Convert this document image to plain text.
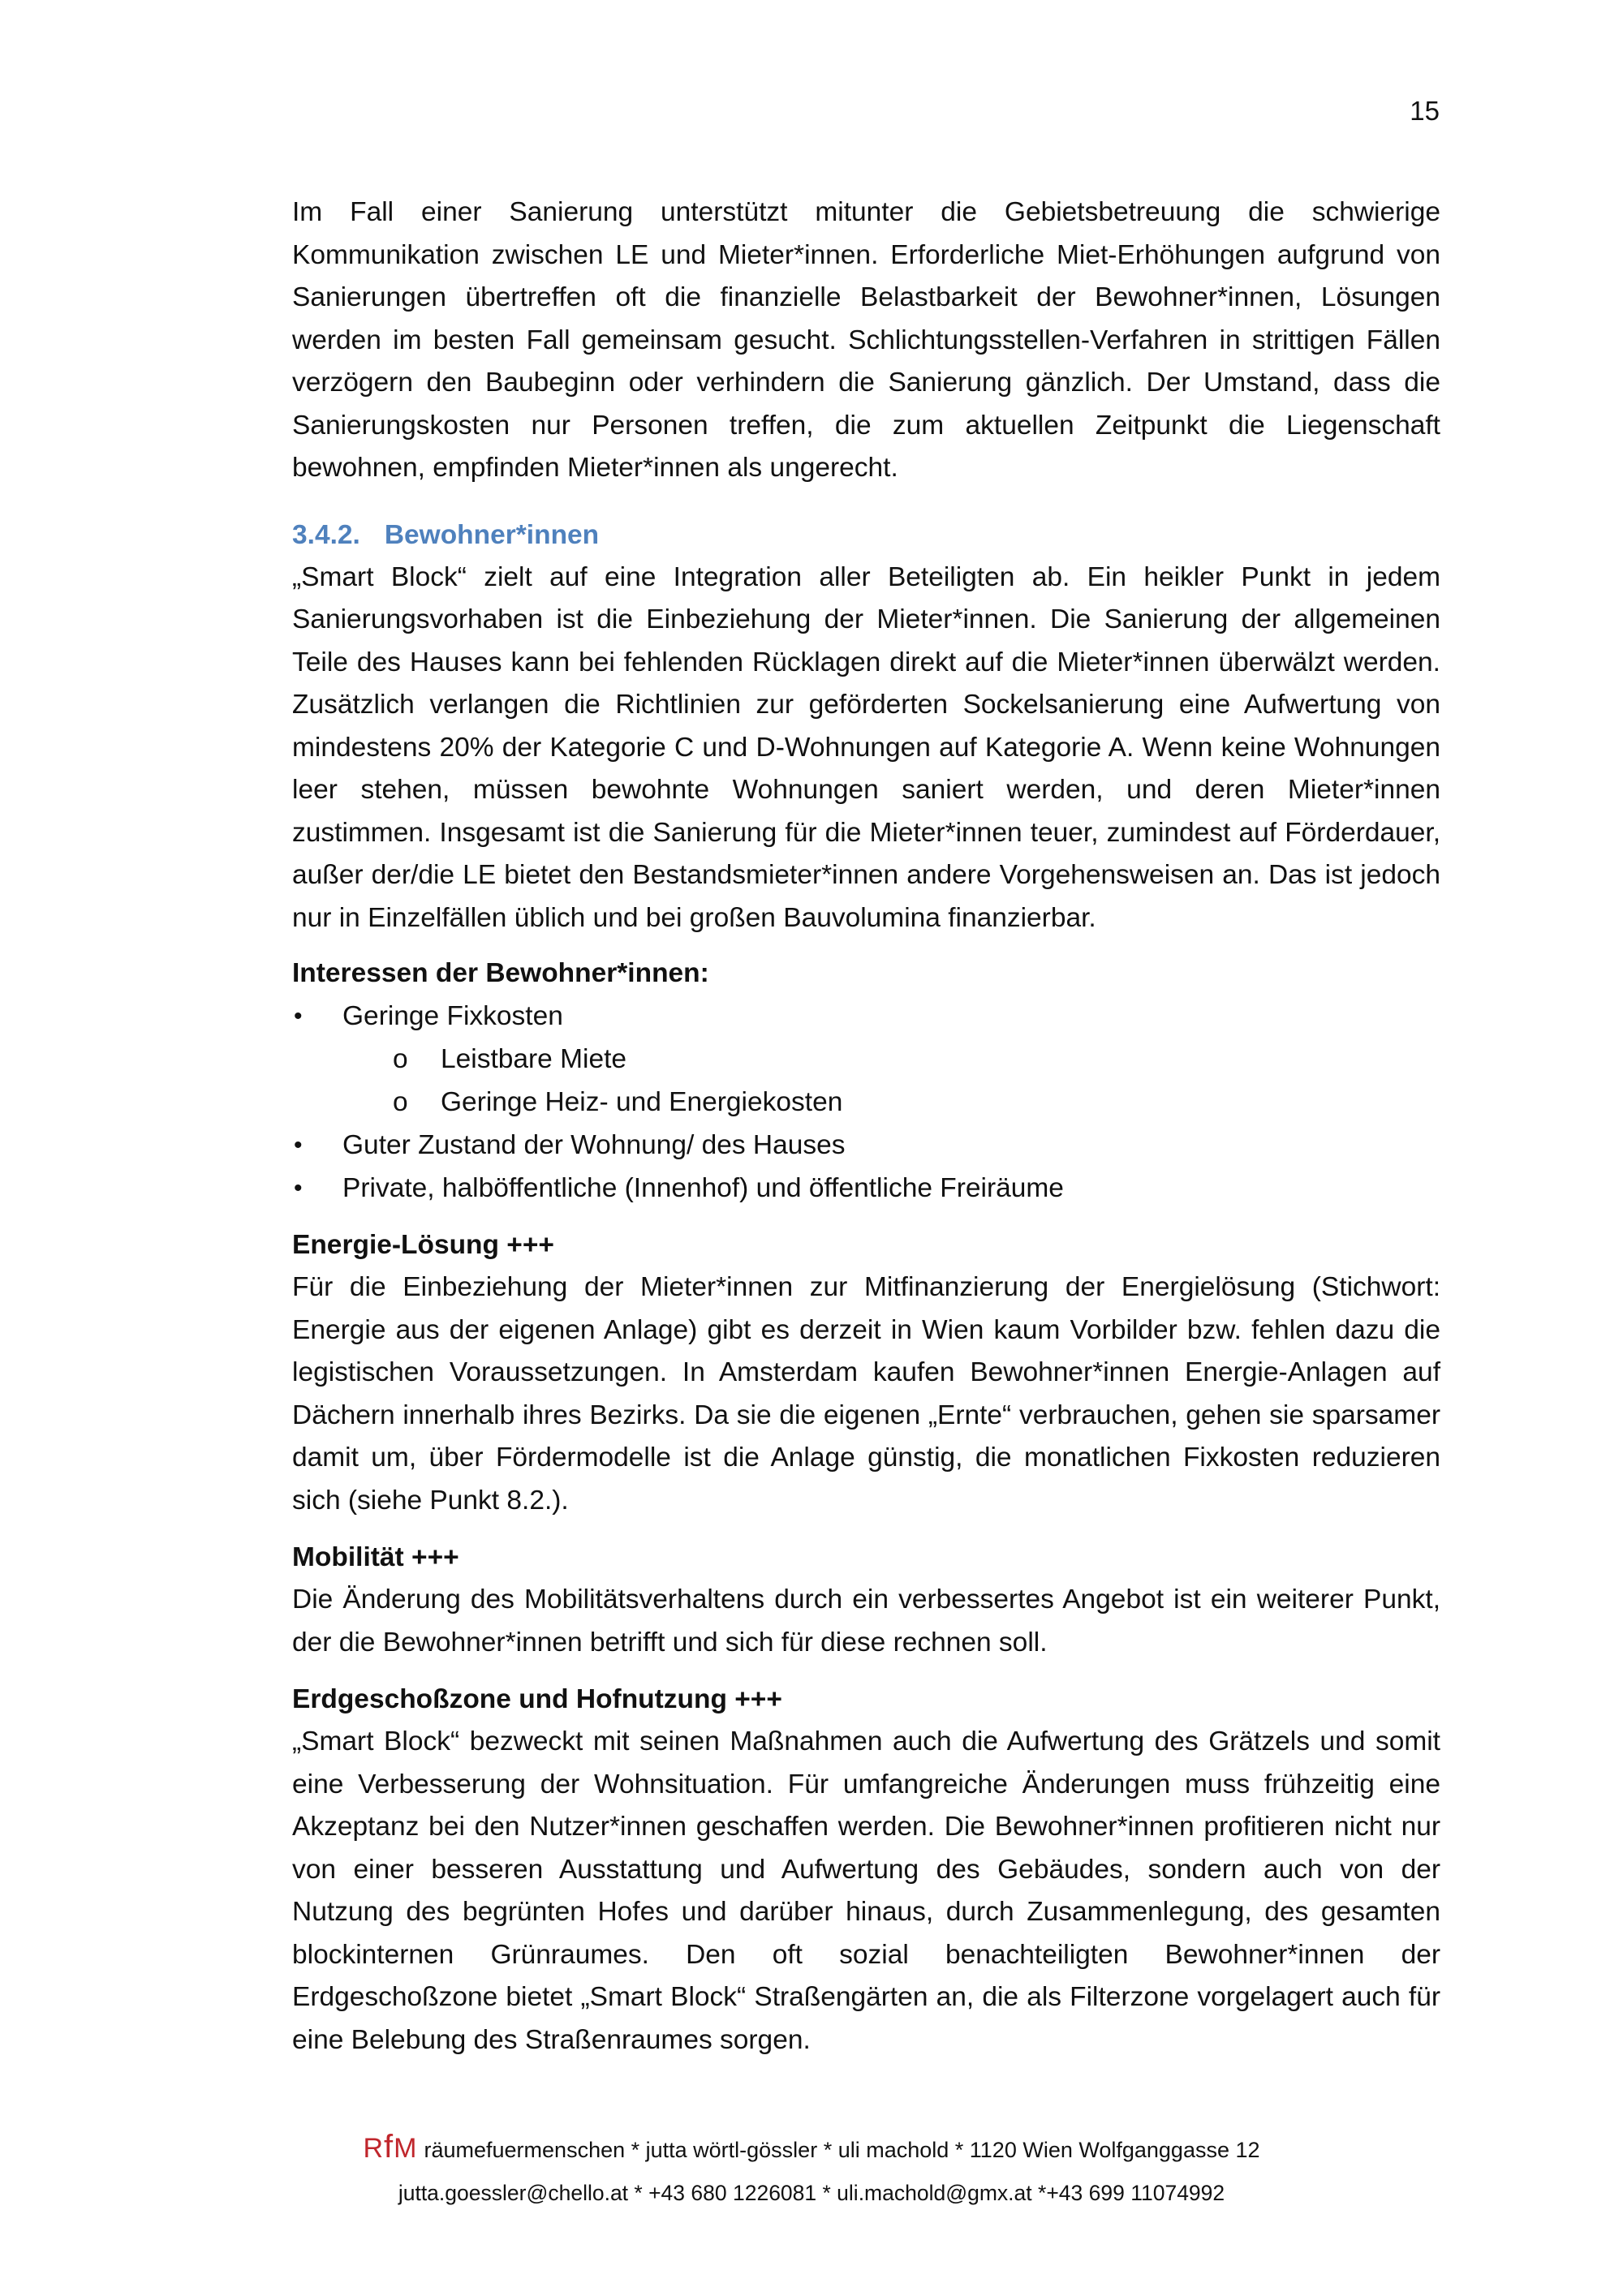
15

Im Fall einer Sanierung unterstützt mitunter die Gebietsbetreuung die schwierige Kommunikation zwischen LE und Mieter*innen. Erforderliche Miet-Erhöhungen aufgrund von Sanierungen übertreffen oft die finanzielle Belastbarkeit der Bewohner*innen, Lösungen werden im besten Fall gemeinsam gesucht. Schlichtungsstellen-Verfahren in strittigen Fällen verzögern den Baubeginn oder verhindern die Sanierung gänzlich. Der Umstand, dass die Sanierungskosten nur Personen treffen, die zum aktuellen Zeitpunkt die Liegenschaft bewohnen, empfinden Mieter*innen als ungerecht.

3.4.2. Bewohner*innen

„Smart Block“ zielt auf eine Integration aller Beteiligten ab. Ein heikler Punkt in jedem Sanierungsvorhaben ist die Einbeziehung der Mieter*innen. Die Sanierung der allgemeinen Teile des Hauses kann bei fehlenden Rücklagen direkt auf die Mieter*innen überwälzt werden. Zusätzlich verlangen die Richtlinien zur geförderten Sockelsanierung eine Aufwertung von mindestens 20% der Kategorie C und D-Wohnungen auf Kategorie A. Wenn keine Wohnungen leer stehen, müssen bewohnte Wohnungen saniert werden, und deren Mieter*innen zustimmen. Insgesamt ist die Sanierung für die Mieter*innen teuer, zumindest auf Förderdauer, außer der/die LE bietet den Bestandsmieter*innen andere Vorgehensweisen an. Das ist jedoch nur in Einzelfällen üblich und bei großen Bauvolumina finanzierbar.

Interessen der Bewohner*innen:
• Geringe Fixkosten
o Leistbare Miete
o Geringe Heiz- und Energiekosten
• Guter Zustand der Wohnung/ des Hauses
• Private, halböffentliche (Innenhof) und öffentliche Freiräume
Energie-Lösung +++

Für die Einbeziehung der Mieter*innen zur Mitfinanzierung der Energielösung (Stichwort: Energie aus der eigenen Anlage) gibt es derzeit in Wien kaum Vorbilder bzw. fehlen dazu die legistischen Voraussetzungen. In Amsterdam kaufen Bewohner*innen Energie-Anlagen auf Dächern innerhalb ihres Bezirks. Da sie die eigenen „Ernte“ verbrauchen, gehen sie sparsamer damit um, über Fördermodelle ist die Anlage günstig, die monatlichen Fixkosten reduzieren sich (siehe Punkt 8.2.).

Mobilität +++

Die Änderung des Mobilitätsverhaltens durch ein verbessertes Angebot ist ein weiterer Punkt, der die Bewohner*innen betrifft und sich für diese rechnen soll.

Erdgeschoßzone und Hofnutzung +++

„Smart Block“ bezweckt mit seinen Maßnahmen auch die Aufwertung des Grätzels und somit eine Verbesserung der Wohnsituation. Für umfangreiche Änderungen muss frühzeitig eine Akzeptanz bei den Nutzer*innen geschaffen werden. Die Bewohner*innen profitieren nicht nur von einer besseren Ausstattung und Aufwertung des Gebäudes, sondern auch von der Nutzung des begrünten Hofes und darüber hinaus, durch Zusammenlegung, des gesamten blockinternen Grünraumes. Den oft sozial benachteiligten Bewohner*innen der Erdgeschoßzone bietet „Smart Block“ Straßengärten an, die als Filterzone vorgelagert auch für eine Belebung des Straßenraumes sorgen.

RfM räumefuermenschen * jutta wörtl-gössler * uli machold * 1120 Wien Wolfganggasse 12
jutta.goessler@chello.at * +43 680 1226081 * uli.machold@gmx.at *+43 699 11074992
